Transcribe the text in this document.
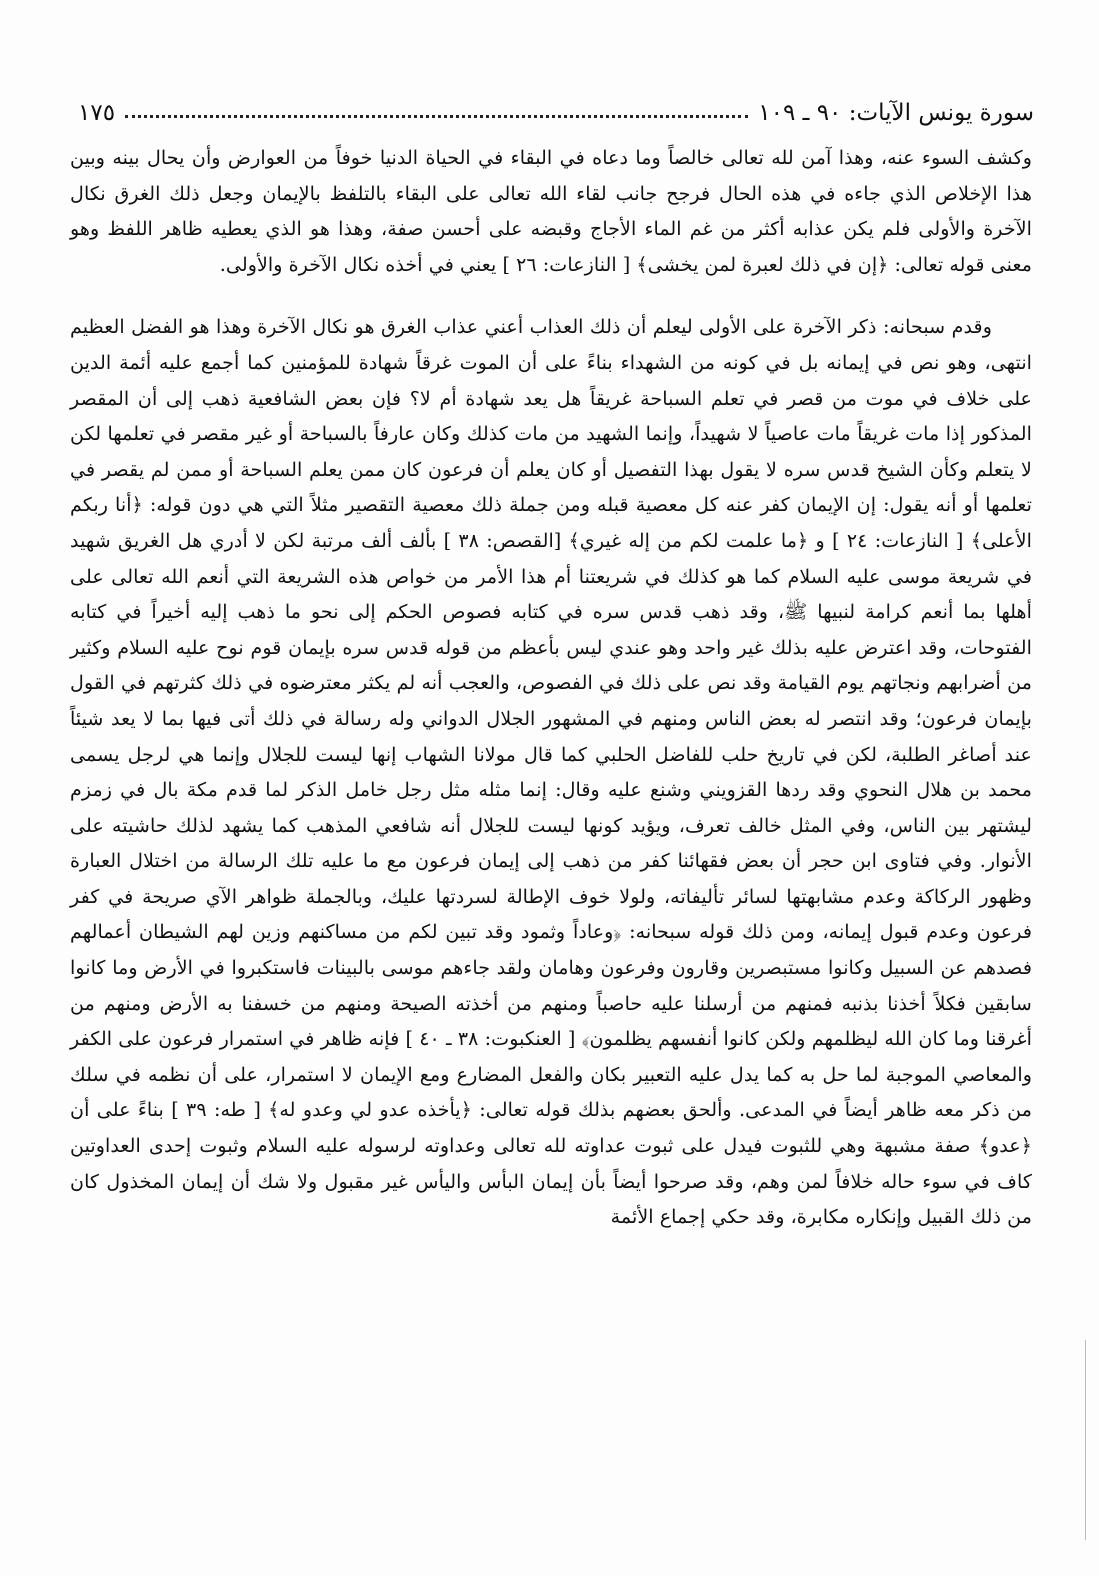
سورة يونس الآيات: ٩٠ ـ ١٠٩
١٧٥

وكشف السوء عنه، وهذا آمن لله تعالى خالصاً وما دعاه في البقاء في الحياة الدنيا خوفاً من العوارض وأن يحال بينه وبين هذا الإخلاص الذي جاءه في هذه الحال فرجح جانب لقاء الله تعالى على البقاء بالتلفظ بالإيمان وجعل ذلك الغرق نكال الآخرة والأولى فلم يكن عذابه أكثر من غم الماء الأجاج وقبضه على أحسن صفة، وهذا هو الذي يعطيه ظاهر اللفظ وهو معنى قوله تعالى: ﴿إن في ذلك لعبرة لمن يخشى﴾ [ النازعات: ٢٦ ] يعني في أخذه نكال الآخرة والأولى.

وقدم سبحانه: ذكر الآخرة على الأولى ليعلم أن ذلك العذاب أعني عذاب الغرق هو نكال الآخرة وهذا هو الفضل العظيم انتهى، وهو نص في إيمانه بل في كونه من الشهداء بناءً على أن الموت غرقاً شهادة للمؤمنين كما أجمع عليه أئمة الدين على خلاف في موت من قصر في تعلم السباحة غريقاً هل يعد شهادة أم لا؟ فإن بعض الشافعية ذهب إلى أن المقصر المذكور إذا مات غريقاً مات عاصياً لا شهيداً، وإنما الشهيد من مات كذلك وكان عارفاً بالسباحة أو غير مقصر في تعلمها لكن لا يتعلم وكأن الشيخ قدس سره لا يقول بهذا التفصيل أو كان يعلم أن فرعون كان ممن يعلم السباحة أو ممن لم يقصر في تعلمها أو أنه يقول: إن الإيمان كفر عنه كل معصية قبله ومن جملة ذلك معصية التقصير مثلاً التي هي دون قوله: ﴿أنا ربكم الأعلى﴾ [ النازعات: ٢٤ ] و ﴿ما علمت لكم من إله غيري﴾ [القصص: ٣٨ ] بألف ألف مرتبة لكن لا أدري هل الغريق شهيد في شريعة موسى عليه السلام كما هو كذلك في شريعتنا أم هذا الأمر من خواص هذه الشريعة التي أنعم الله تعالى على أهلها بما أنعم كرامة لنبيها ﷺ، وقد ذهب قدس سره في كتابه فصوص الحكم إلى نحو ما ذهب إليه أخيراً في كتابه الفتوحات، وقد اعترض عليه بذلك غير واحد وهو عندي ليس بأعظم من قوله قدس سره بإيمان قوم نوح عليه السلام وكثير من أضرابهم ونجاتهم يوم القيامة وقد نص على ذلك في الفصوص، والعجب أنه لم يكثر معترضوه في ذلك كثرتهم في القول بإيمان فرعون؛ وقد انتصر له بعض الناس ومنهم في المشهور الجلال الدواني وله رسالة في ذلك أتى فيها بما لا يعد شيئاً عند أصاغر الطلبة، لكن في تاريخ حلب للفاضل الحلبي كما قال مولانا الشهاب إنها ليست للجلال وإنما هي لرجل يسمى محمد بن هلال النحوي وقد ردها القزويني وشنع عليه وقال: إنما مثله مثل رجل خامل الذكر لما قدم مكة بال في زمزم ليشتهر بين الناس، وفي المثل خالف تعرف، ويؤيد كونها ليست للجلال أنه شافعي المذهب كما يشهد لذلك حاشيته على الأنوار. وفي فتاوى ابن حجر أن بعض فقهائنا كفر من ذهب إلى إيمان فرعون مع ما عليه تلك الرسالة من اختلال العبارة وظهور الركاكة وعدم مشابهتها لسائر تأليفاته، ولولا خوف الإطالة لسردتها عليك، وبالجملة ظواهر الآي صريحة في كفر فرعون وعدم قبول إيمانه، ومن ذلك قوله سبحانه: ﴿وعاداً وثمود وقد تبين لكم من مساكنهم وزين لهم الشيطان أعمالهم فصدهم عن السبيل وكانوا مستبصرين وقارون وفرعون وهامان ولقد جاءهم موسى بالبينات فاستكبروا في الأرض وما كانوا سابقين فكلاً أخذنا بذنبه فمنهم من أرسلنا عليه حاصباً ومنهم من أخذته الصيحة ومنهم من خسفنا به الأرض ومنهم من أغرقنا وما كان الله ليظلمهم ولكن كانوا أنفسهم يظلمون﴾ [ العنكبوت: ٣٨ ـ ٤٠ ] فإنه ظاهر في استمرار فرعون على الكفر والمعاصي الموجبة لما حل به كما يدل عليه التعبير بكان والفعل المضارع ومع الإيمان لا استمرار، على أن نظمه في سلك من ذكر معه ظاهر أيضاً في المدعى. وألحق بعضهم بذلك قوله تعالى: ﴿يأخذه عدو لي وعدو له﴾ [ طه: ٣٩ ] بناءً على أن ﴿عدو﴾ صفة مشبهة وهي للثبوت فيدل على ثبوت عداوته لله تعالى وعداوته لرسوله عليه السلام وثبوت إحدى العداوتين كاف في سوء حاله خلافاً لمن وهم، وقد صرحوا أيضاً بأن إيمان البأس واليأس غير مقبول ولا شك أن إيمان المخذول كان من ذلك القبيل وإنكاره مكابرة، وقد حكي إجماع الأئمة
